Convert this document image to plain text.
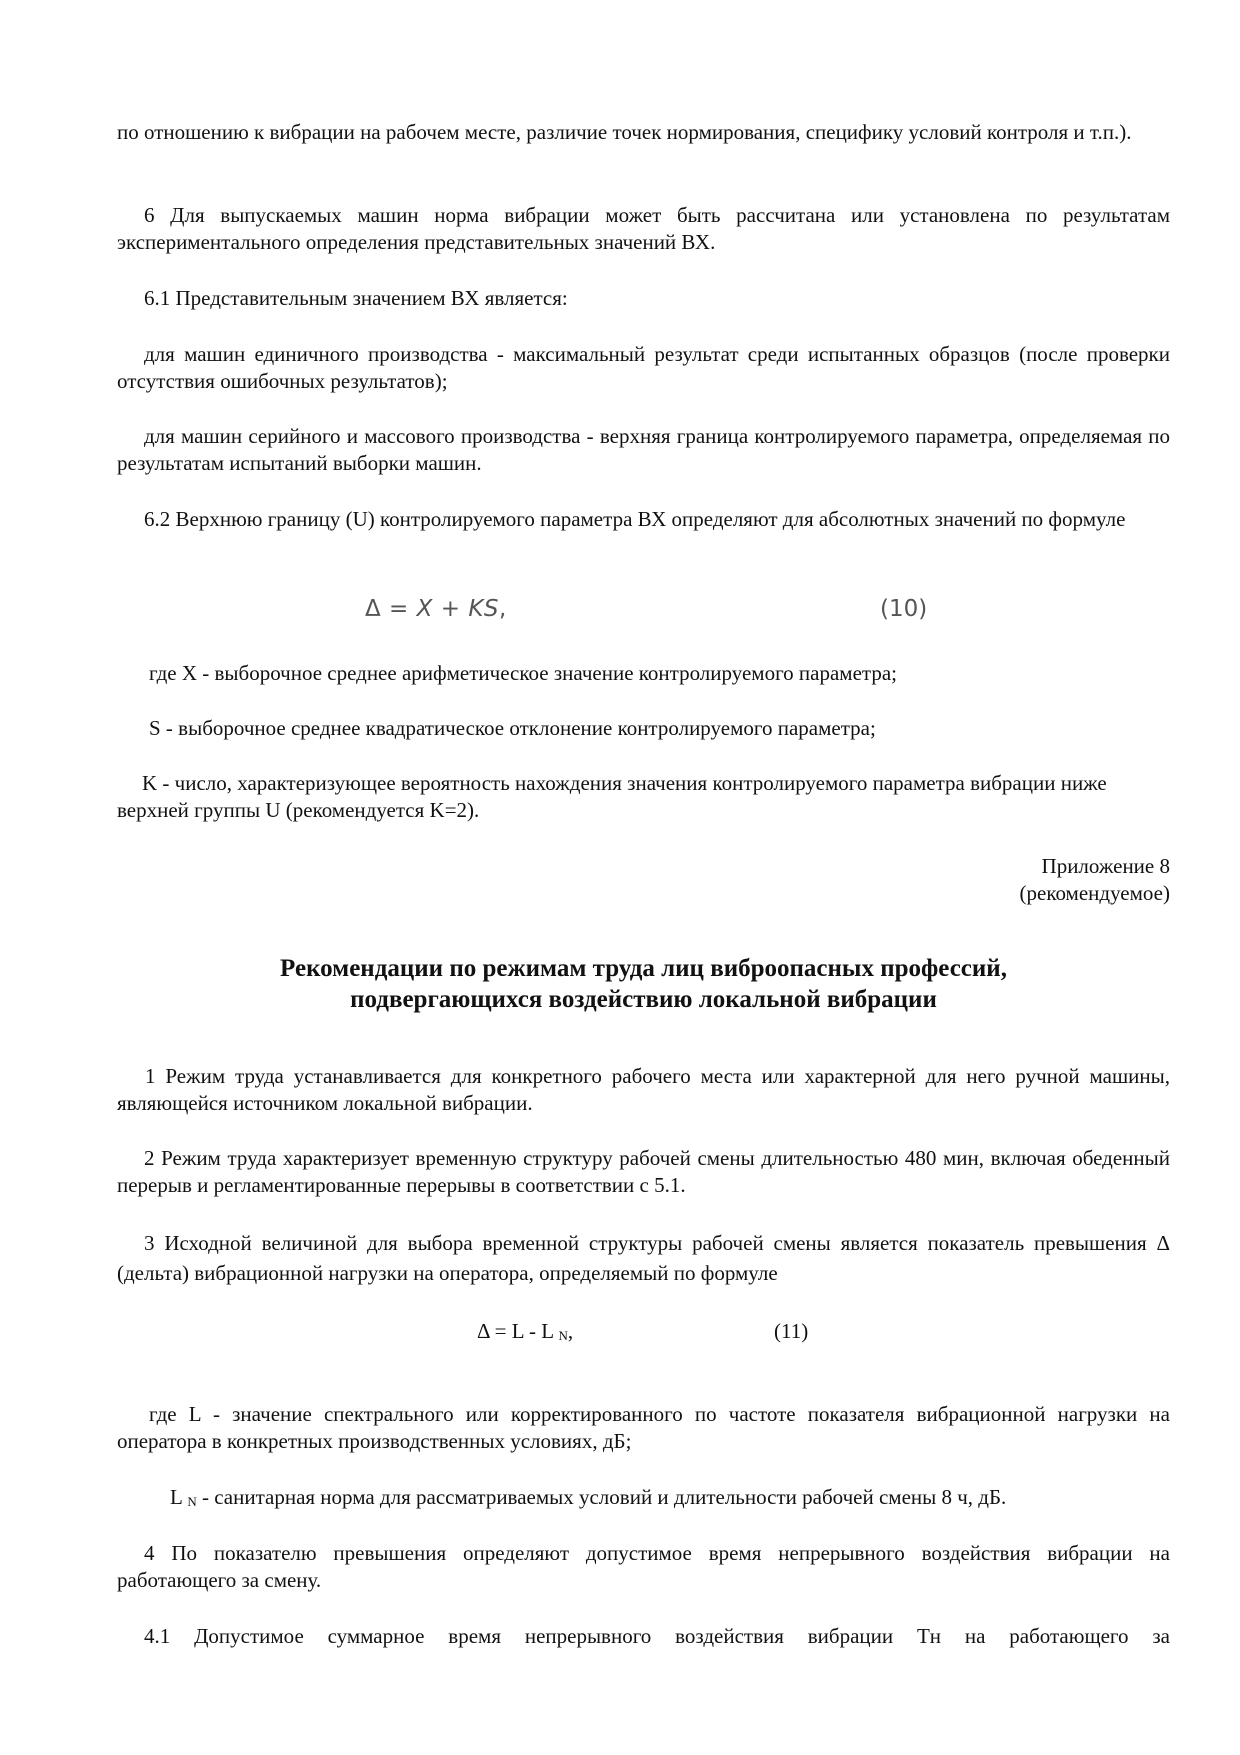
по отношению к вибрации на рабочем месте, различие точек нормирования, специфику условий контроля и т.п.).

6 Для выпускаемых машин норма вибрации может быть рассчитана или установлена по результатам экспериментального определения представительных значений ВХ.

6.1 Представительным значением ВХ является:

для машин единичного производства - максимальный результат среди испытанных образцов (после проверки отсутствия ошибочных результатов);

для машин серийного и массового производства - верхняя граница контролируемого параметра, определяемая по результатам испытаний выборки машин.

6.2 Верхнюю границу (U) контролируемого параметра ВХ определяют для абсолютных значений по формуле

Δ = X + KS,	(10)

где X - выборочное среднее арифметическое значение контролируемого параметра;

S - выборочное среднее квадратическое отклонение контролируемого параметра;

K - число, характеризующее вероятность нахождения значения контролируемого параметра вибрации ниже верхней группы U (рекомендуется K=2).

Приложение 8
(рекомендуемое)
Рекомендации по режимам труда лиц виброопасных профессий,
подвергающихся воздействию локальной вибрации

1 Режим труда устанавливается для конкретного рабочего места или характерной для него ручной машины, являющейся источником локальной вибрации.

2 Режим труда характеризует временную структуру рабочей смены длительностью 480 мин, включая обеденный перерыв и регламентированные перерывы в соответствии с 5.1.

3 Исходной величиной для выбора временной структуры рабочей смены является показатель превышения Δ (дельта) вибрационной нагрузки на оператора, определяемый по формуле

Δ = L - L $_N$,	(11)

где L - значение спектрального или корректированного по частоте показателя вибрационной нагрузки на оператора в конкретных производственных условиях, дБ;

L $_N$ - санитарная норма для рассматриваемых условий и длительности рабочей смены 8 ч, дБ.

4 По показателю превышения определяют допустимое время непрерывного воздействия вибрации на работающего за смену.

4.1 Допустимое суммарное время непрерывного воздействия вибрации Тн на работающего за
